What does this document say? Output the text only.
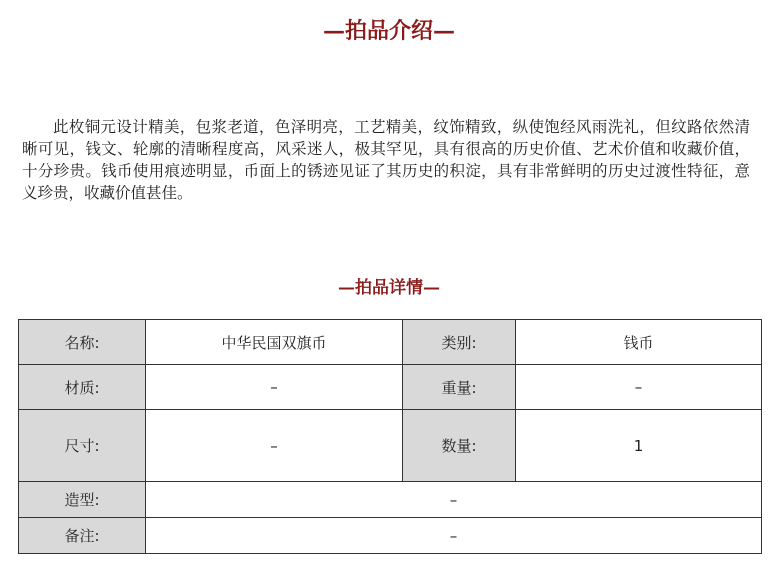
—拍品介绍—
此枚铜元设计精美，包浆老道，色泽明亮，工艺精美，纹饰精致，纵使饱经风雨洗礼，但纹路依然清晰可见，钱文、轮廓的清晰程度高，风采迷人，极其罕见，具有很高的历史价值、艺术价值和收藏价值，十分珍贵。钱币使用痕迹明显，币面上的锈迹见证了其历史的积淀，具有非常鲜明的历史过渡性特征，意义珍贵，收藏价值甚佳。
—拍品详情—
名称:	中华民国双旗币	类别:	钱币
材质:	–	重量:	–
尺寸:	–	数量:	1
造型:	–		
备注:	–		
